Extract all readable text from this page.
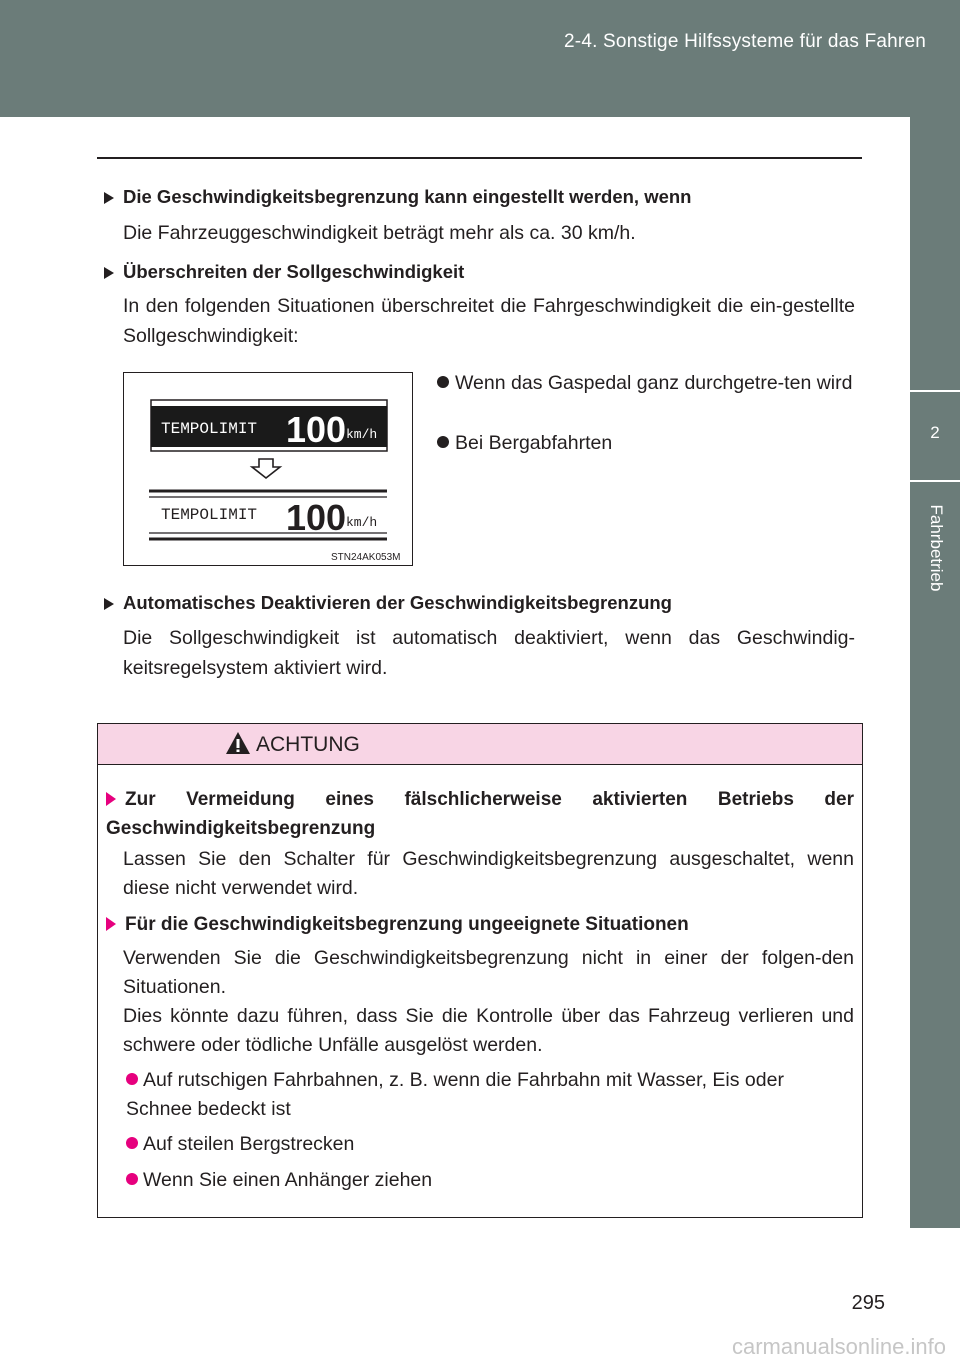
2-4. Sonstige Hilfssysteme für das Fahren
2
Fahrbetrieb
Die Geschwindigkeitsbegrenzung kann eingestellt werden, wenn
Die Fahrzeuggeschwindigkeit beträgt mehr als ca. 30 km/h.
Überschreiten der Sollgeschwindigkeit
In den folgenden Situationen überschreitet die Fahrgeschwindigkeit die ein-gestellte Sollgeschwindigkeit:
TEMPOLIMIT 100 km/h
TEMPOLIMIT 100 km/h
STN24AK053M
Wenn das Gaspedal ganz durchgetre-ten wird
Bei Bergabfahrten
Automatisches Deaktivieren der Geschwindigkeitsbegrenzung
Die Sollgeschwindigkeit ist automatisch deaktiviert, wenn das Geschwindig-keitsregelsystem aktiviert wird.
ACHTUNG
Zur Vermeidung eines fälschlicherweise aktivierten Betriebs der Geschwindigkeitsbegrenzung
Lassen Sie den Schalter für Geschwindigkeitsbegrenzung ausgeschaltet, wenn diese nicht verwendet wird.
Für die Geschwindigkeitsbegrenzung ungeeignete Situationen
Verwenden Sie die Geschwindigkeitsbegrenzung nicht in einer der folgen-den Situationen.
Dies könnte dazu führen, dass Sie die Kontrolle über das Fahrzeug verlieren und schwere oder tödliche Unfälle ausgelöst werden.
Auf rutschigen Fahrbahnen, z. B. wenn die Fahrbahn mit Wasser, Eis oder Schnee bedeckt ist
Auf steilen Bergstrecken
Wenn Sie einen Anhänger ziehen
295
carmanualsonline.info
